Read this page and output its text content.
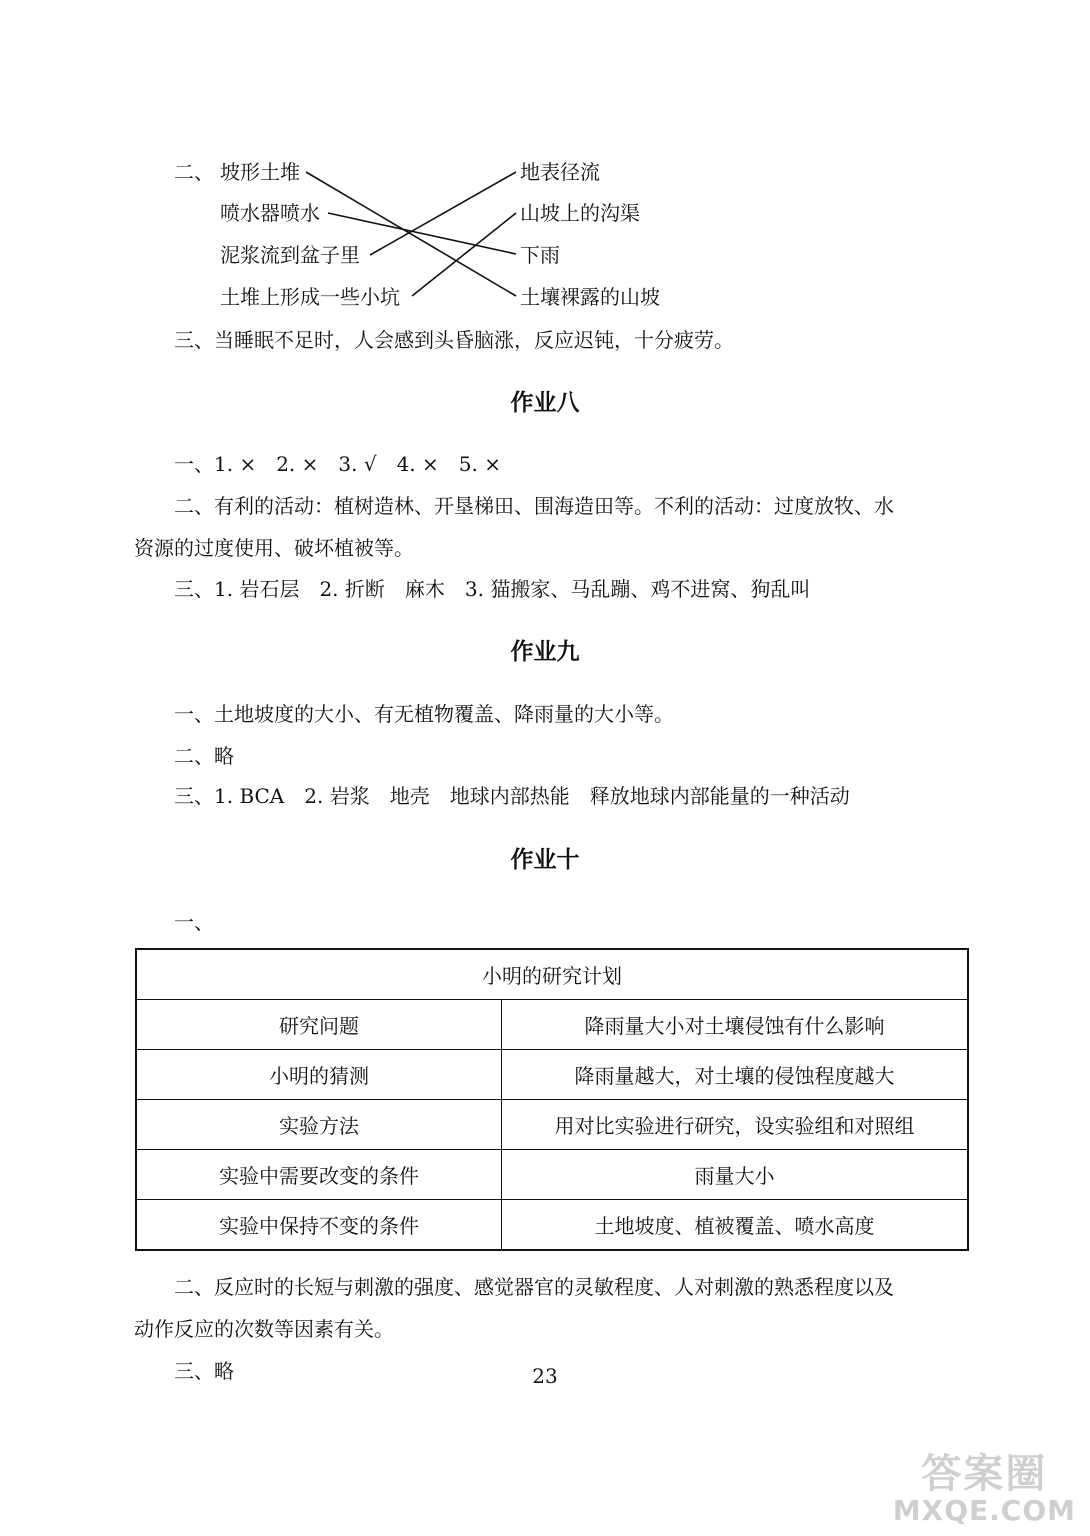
二、 坡形土堆
喷水器喷水
泥浆流到盆子里
土堆上形成一些小坑
地表径流
山坡上的沟渠
下雨
土壤裸露的山坡
三、当睡眠不足时，人会感到头昏脑涨，反应迟钝，十分疲劳。
作业八
一、1. ×　2. ×　3. √　4. ×　5. ×
二、有利的活动：植树造林、开垦梯田、围海造田等。不利的活动：过度放牧、水
资源的过度使用、破坏植被等。
三、1. 岩石层　2. 折断　麻木　3. 猫搬家、马乱蹦、鸡不进窝、狗乱叫
作业九
一、土地坡度的大小、有无植物覆盖、降雨量的大小等。
二、略
三、1. BCA　2. 岩浆　地壳　地球内部热能　释放地球内部能量的一种活动
作业十
一、
小明的研究计划	
研究问题	降雨量大小对土壤侵蚀有什么影响
小明的猜测	降雨量越大，对土壤的侵蚀程度越大
实验方法	用对比实验进行研究，设实验组和对照组
实验中需要改变的条件	雨量大小
实验中保持不变的条件	土地坡度、植被覆盖、喷水高度
二、反应时的长短与刺激的强度、感觉器官的灵敏程度、人对刺激的熟悉程度以及
动作反应的次数等因素有关。
三、略	23
答案圈
MXQE.COM
